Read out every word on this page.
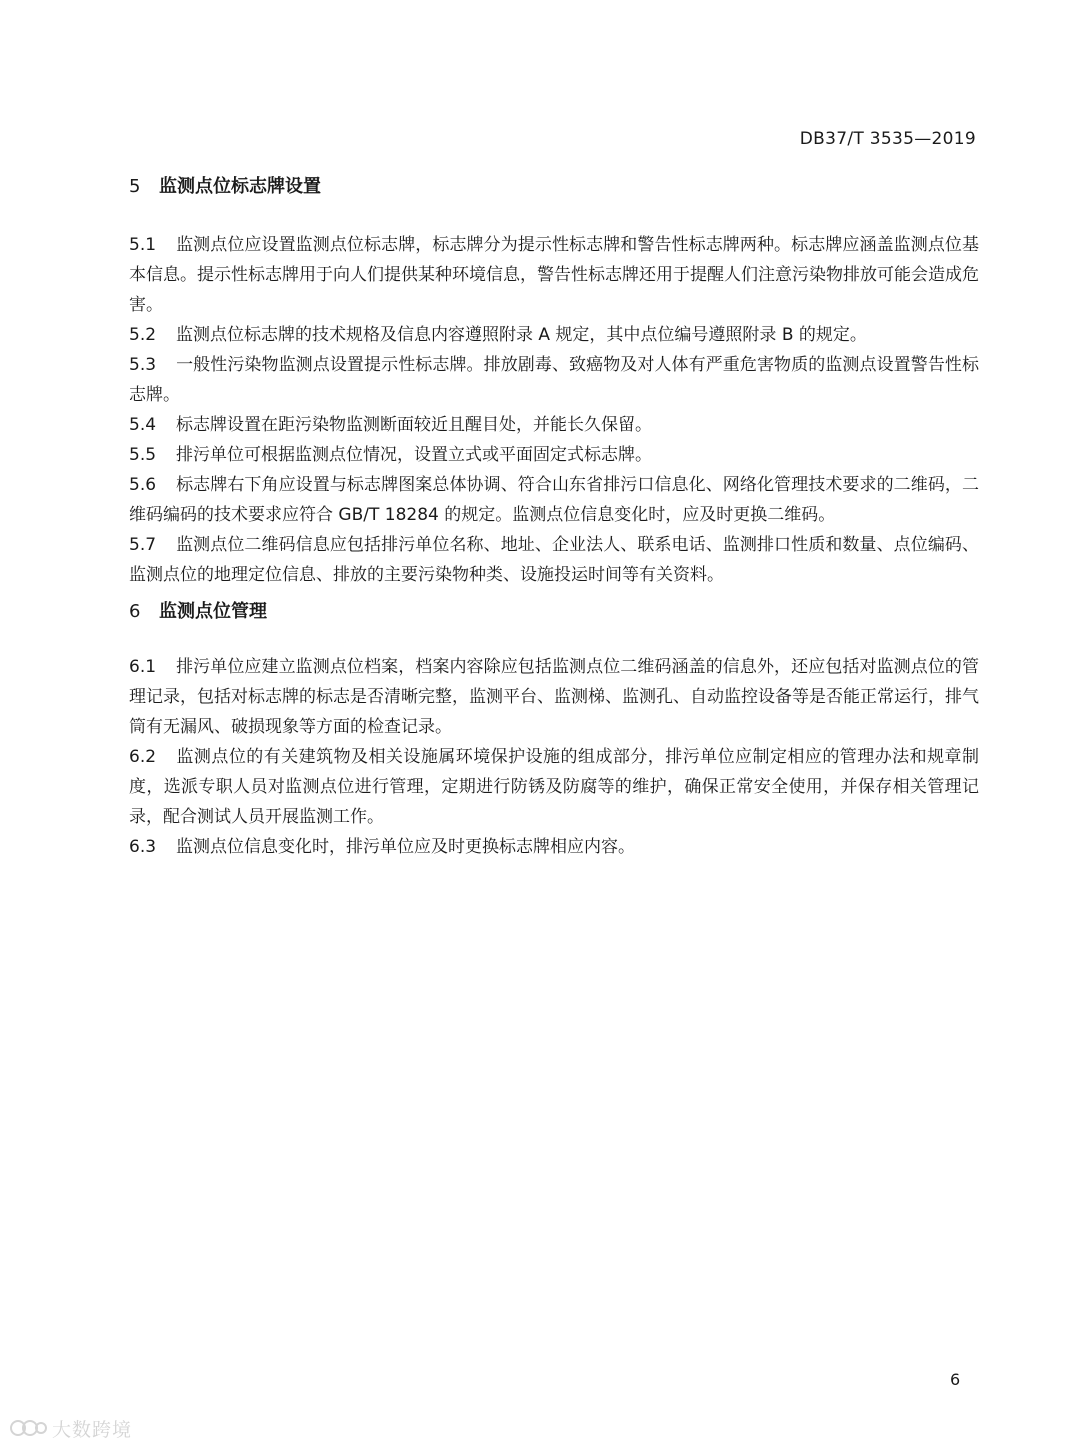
DB37/T 3535—2019
5 监测点位标志牌设置

5.1 监测点位应设置监测点位标志牌，标志牌分为提示性标志牌和警告性标志牌两种。标志牌应涵盖监测点位基本信息。提示性标志牌用于向人们提供某种环境信息，警告性标志牌还用于提醒人们注意污染物排放可能会造成危害。

5.2 监测点位标志牌的技术规格及信息内容遵照附录 A 规定，其中点位编号遵照附录 B 的规定。

5.3 一般性污染物监测点设置提示性标志牌。排放剧毒、致癌物及对人体有严重危害物质的监测点设置警告性标志牌。

5.4 标志牌设置在距污染物监测断面较近且醒目处，并能长久保留。

5.5 排污单位可根据监测点位情况，设置立式或平面固定式标志牌。

5.6 标志牌右下角应设置与标志牌图案总体协调、符合山东省排污口信息化、网络化管理技术要求的二维码，二维码编码的技术要求应符合 GB/T 18284 的规定。监测点位信息变化时，应及时更换二维码。

5.7 监测点位二维码信息应包括排污单位名称、地址、企业法人、联系电话、监测排口性质和数量、点位编码、监测点位的地理定位信息、排放的主要污染物种类、设施投运时间等有关资料。

6 监测点位管理

6.1 排污单位应建立监测点位档案，档案内容除应包括监测点位二维码涵盖的信息外，还应包括对监测点位的管理记录，包括对标志牌的标志是否清晰完整，监测平台、监测梯、监测孔、自动监控设备等是否能正常运行，排气筒有无漏风、破损现象等方面的检查记录。

6.2 监测点位的有关建筑物及相关设施属环境保护设施的组成部分，排污单位应制定相应的管理办法和规章制度，选派专职人员对监测点位进行管理，定期进行防锈及防腐等的维护，确保正常安全使用，并保存相关管理记录，配合测试人员开展监测工作。

6.3 监测点位信息变化时，排污单位应及时更换标志牌相应内容。

6
大数跨境
